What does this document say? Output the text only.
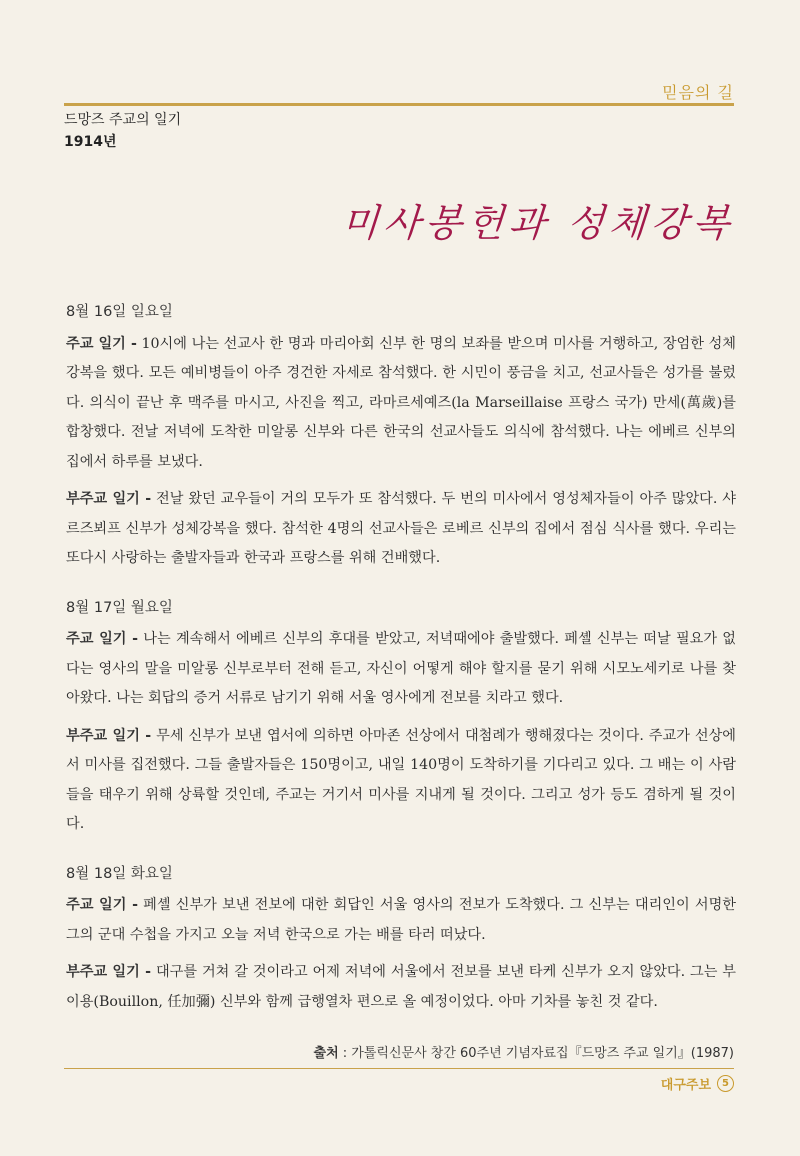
믿음의 길
드망즈 주교의 일기
1914년
미사봉헌과 성체강복
8월 16일 일요일

주교 일기 - 10시에 나는 선교사 한 명과 마리아회 신부 한 명의 보좌를 받으며 미사를 거행하고, 장엄한 성체강복을 했다. 모든 예비병들이 아주 경건한 자세로 참석했다. 한 시민이 풍금을 치고, 선교사들은 성가를 불렀다. 의식이 끝난 후 맥주를 마시고, 사진을 찍고, 라마르세예즈(la Marseillaise 프랑스 국가) 만세(萬歲)를 합창했다. 전날 저녁에 도착한 미알롱 신부와 다른 한국의 선교사들도 의식에 참석했다. 나는 에베르 신부의 집에서 하루를 보냈다.

부주교 일기 - 전날 왔던 교우들이 거의 모두가 또 참석했다. 두 번의 미사에서 영성체자들이 아주 많았다. 샤르즈뵈프 신부가 성체강복을 했다. 참석한 4명의 선교사들은 로베르 신부의 집에서 점심 식사를 했다. 우리는 또다시 사랑하는 출발자들과 한국과 프랑스를 위해 건배했다.

8월 17일 월요일

주교 일기 - 나는 계속해서 에베르 신부의 후대를 받았고, 저녁때에야 출발했다. 페셸 신부는 떠날 필요가 없다는 영사의 말을 미알롱 신부로부터 전해 듣고, 자신이 어떻게 해야 할지를 묻기 위해 시모노세키로 나를 찾아왔다. 나는 회답의 증거 서류로 남기기 위해 서울 영사에게 전보를 치라고 했다.

부주교 일기 - 무세 신부가 보낸 엽서에 의하면 아마존 선상에서 대첨례가 행해졌다는 것이다. 주교가 선상에서 미사를 집전했다. 그들 출발자들은 150명이고, 내일 140명이 도착하기를 기다리고 있다. 그 배는 이 사람들을 태우기 위해 상륙할 것인데, 주교는 거기서 미사를 지내게 될 것이다. 그리고 성가 등도 겸하게 될 것이다.

8월 18일 화요일

주교 일기 - 페셸 신부가 보낸 전보에 대한 회답인 서울 영사의 전보가 도착했다. 그 신부는 대리인이 서명한 그의 군대 수첩을 가지고 오늘 저녁 한국으로 가는 배를 타러 떠났다.

부주교 일기 - 대구를 거쳐 갈 것이라고 어제 저녁에 서울에서 전보를 보낸 타케 신부가 오지 않았다. 그는 부이용(Bouillon, 任加彌) 신부와 함께 급행열차 편으로 올 예정이었다. 아마 기차를 놓친 것 같다.

출처 : 가톨릭신문사 창간 60주년 기념자료집『드망즈 주교 일기』(1987)
대구주보	5
